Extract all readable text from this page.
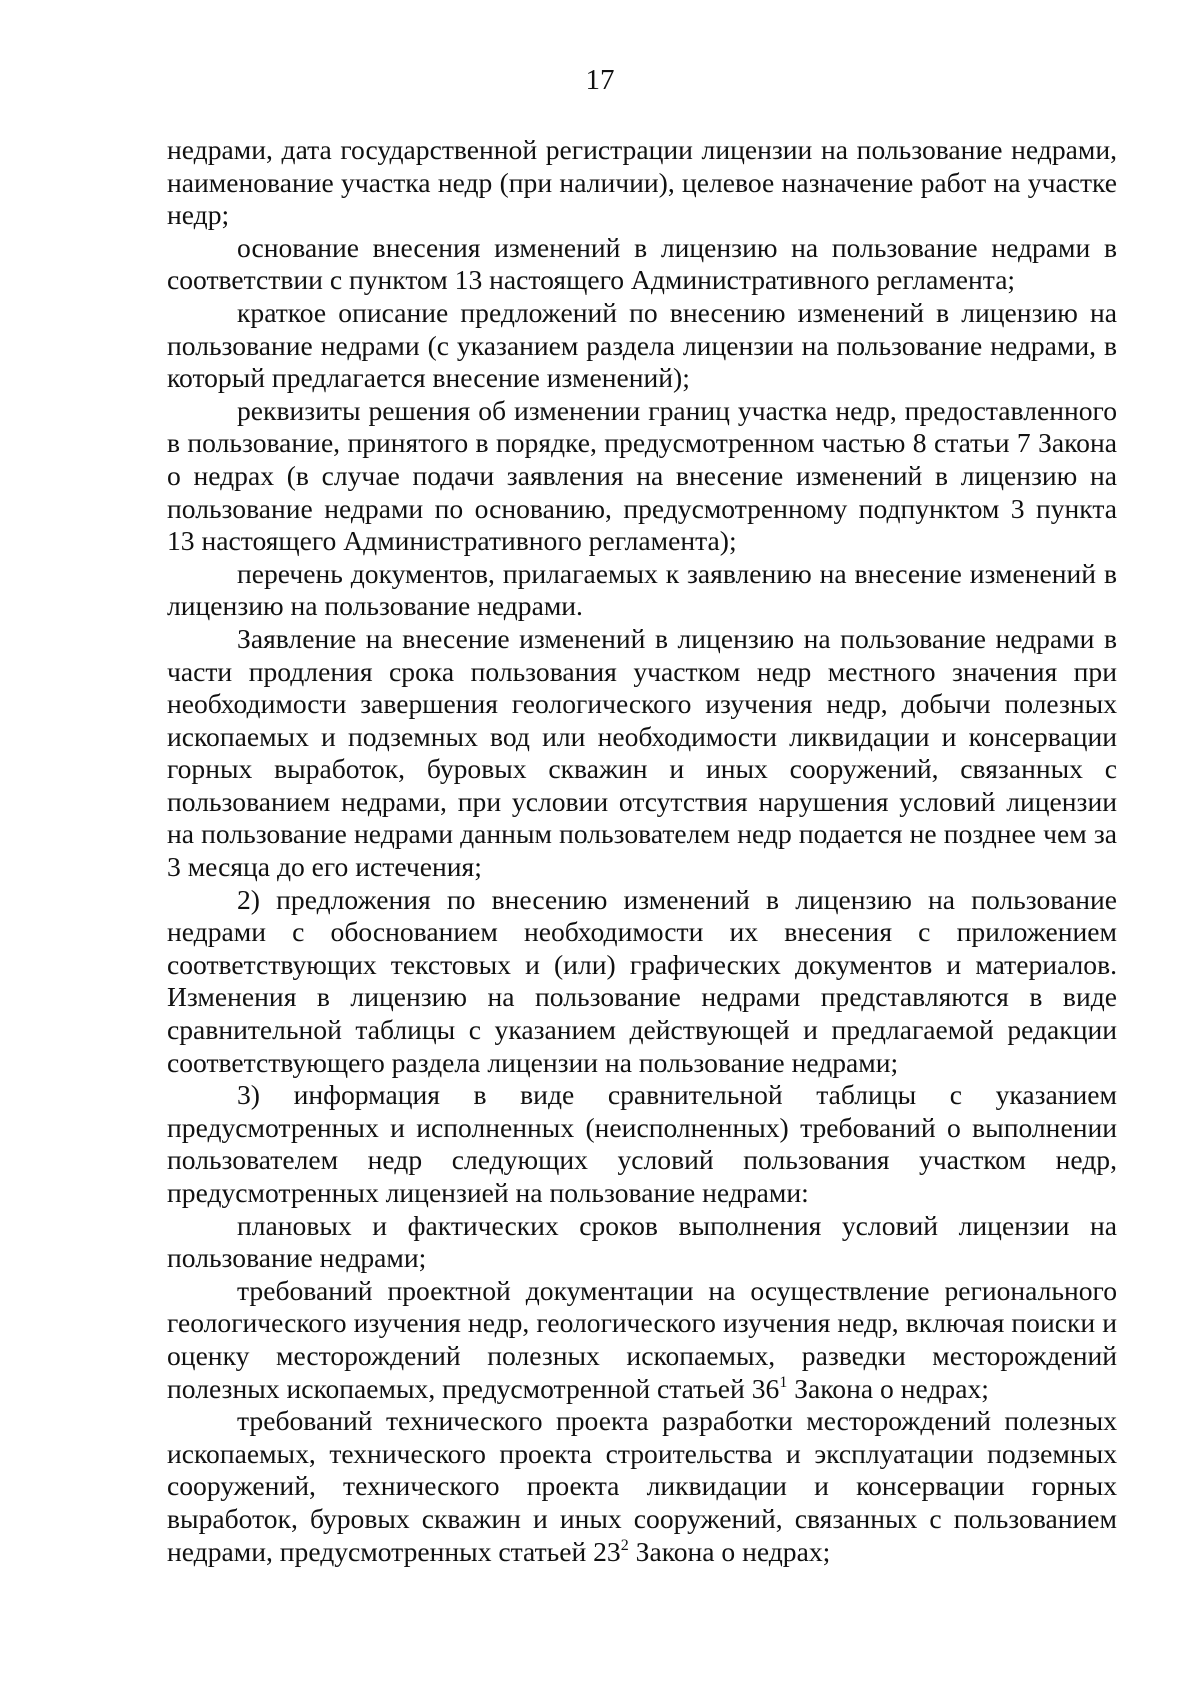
17

недрами, дата государственной регистрации лицензии на пользование недрами, наименование участка недр (при наличии), целевое назначение работ на участке недр;

основание внесения изменений в лицензию на пользование недрами в соответствии с пунктом 13 настоящего Административного регламента;

краткое описание предложений по внесению изменений в лицензию на пользование недрами (с указанием раздела лицензии на пользование недрами, в который предлагается внесение изменений);

реквизиты решения об изменении границ участка недр, предоставленного в пользование, принятого в порядке, предусмотренном частью 8 статьи 7 Закона о недрах (в случае подачи заявления на внесение изменений в лицензию на пользование недрами по основанию, предусмотренному подпунктом 3 пункта 13 настоящего Административного регламента);

перечень документов, прилагаемых к заявлению на внесение изменений в лицензию на пользование недрами.

Заявление на внесение изменений в лицензию на пользование недрами в части продления срока пользования участком недр местного значения при необходимости завершения геологического изучения недр, добычи полезных ископаемых и подземных вод или необходимости ликвидации и консервации горных выработок, буровых скважин и иных сооружений, связанных с пользованием недрами, при условии отсутствия нарушения условий лицензии на пользование недрами данным пользователем недр подается не позднее чем за 3 месяца до его истечения;

2) предложения по внесению изменений в лицензию на пользование недрами с обоснованием необходимости их внесения с приложением соответствующих текстовых и (или) графических документов и материалов. Изменения в лицензию на пользование недрами представляются в виде сравнительной таблицы с указанием действующей и предлагаемой редакции соответствующего раздела лицензии на пользование недрами;

3) информация в виде сравнительной таблицы с указанием предусмотренных и исполненных (неисполненных) требований о выполнении пользователем недр следующих условий пользования участком недр, предусмотренных лицензией на пользование недрами:

плановых и фактических сроков выполнения условий лицензии на пользование недрами;

требований проектной документации на осуществление регионального геологического изучения недр, геологического изучения недр, включая поиски и оценку месторождений полезных ископаемых, разведки месторождений полезных ископаемых, предусмотренной статьей $36^1$ Закона о недрах;

требований технического проекта разработки месторождений полезных ископаемых, технического проекта строительства и эксплуатации подземных сооружений, технического проекта ликвидации и консервации горных выработок, буровых скважин и иных сооружений, связанных с пользованием недрами, предусмотренных статьей $23^2$ Закона о недрах;
